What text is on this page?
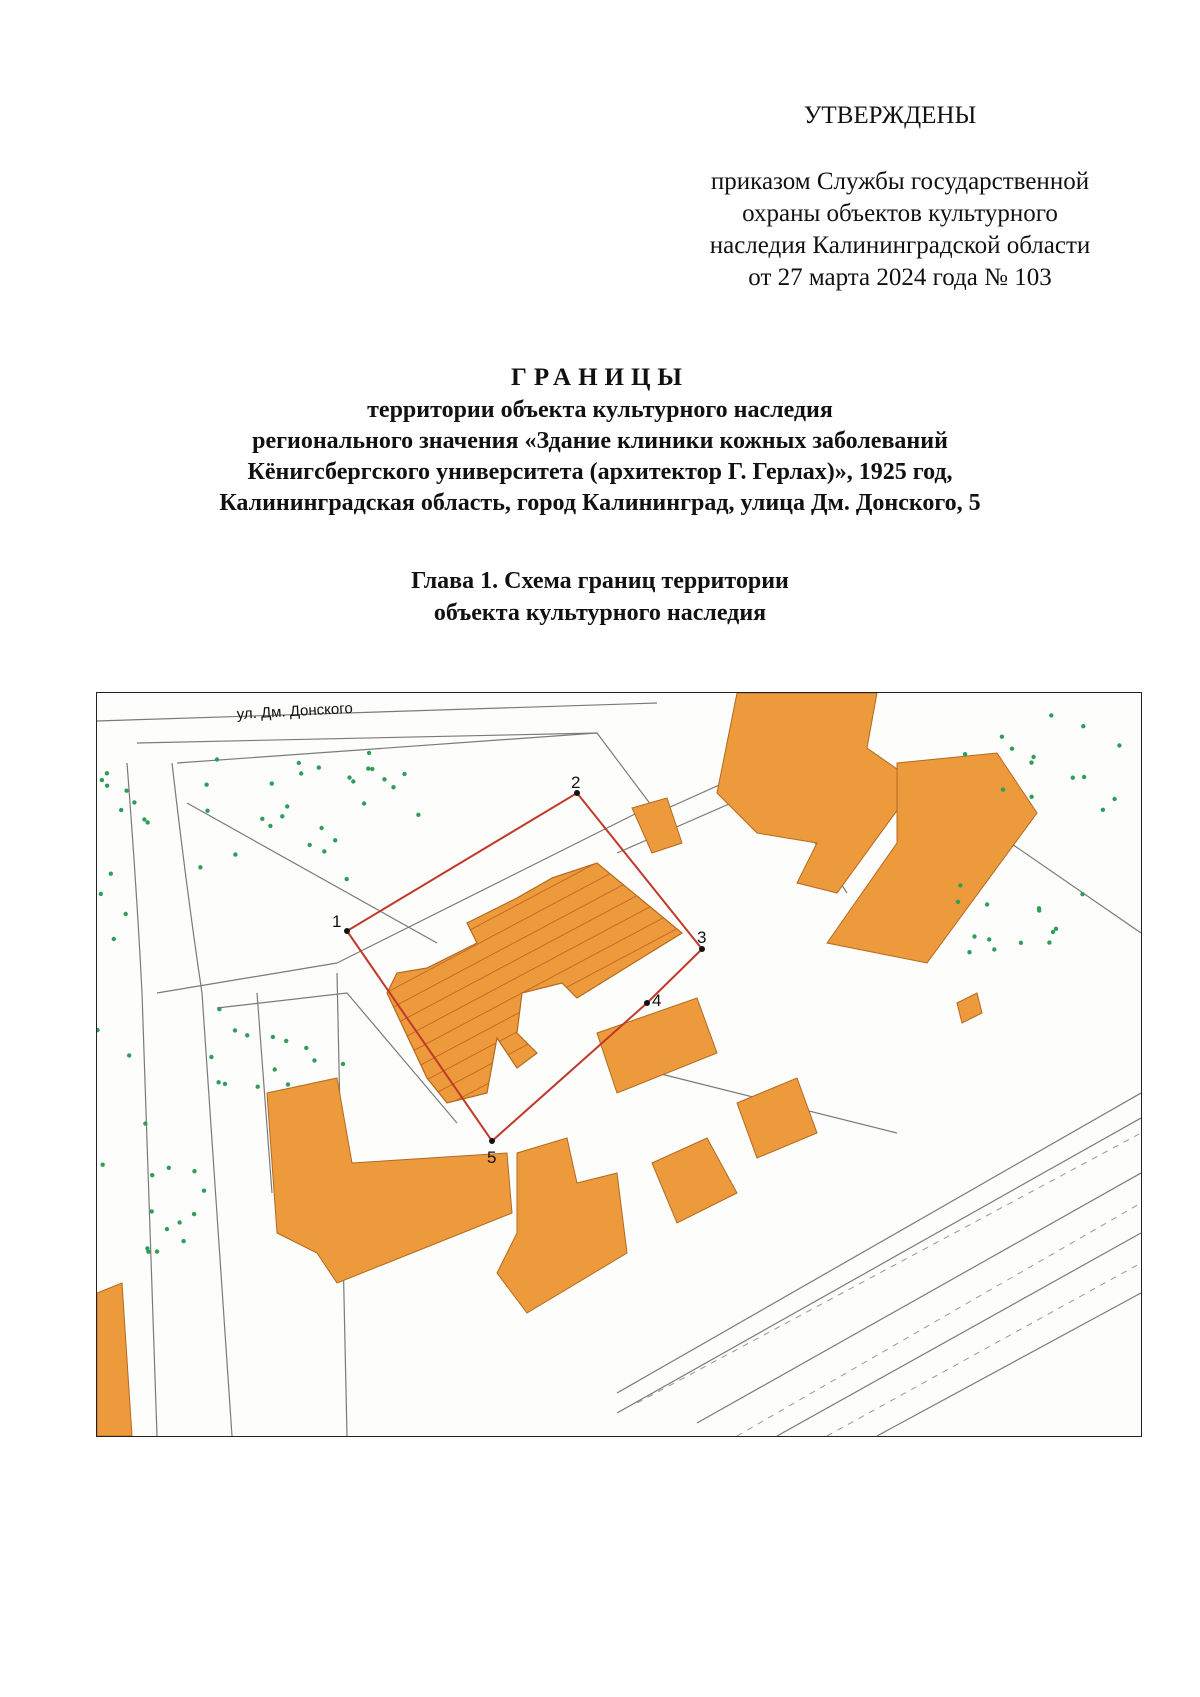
УТВЕРЖДЕНЫ
приказом Службы государственной
охраны объектов культурного
наследия Калининградской области
от 27 марта 2024 года № 103
ГРАНИЦЫ
территории объекта культурного наследия
регионального значения «Здание клиники кожных заболеваний
Кёнигсбергского университета (архитектор Г. Герлах)», 1925 год,
Калининградская область, город Калининград, улица Дм. Донского, 5
Глава 1. Схема границ территории
объекта культурного наследия
ул. Дм. Донского
1
2
3
4
5
